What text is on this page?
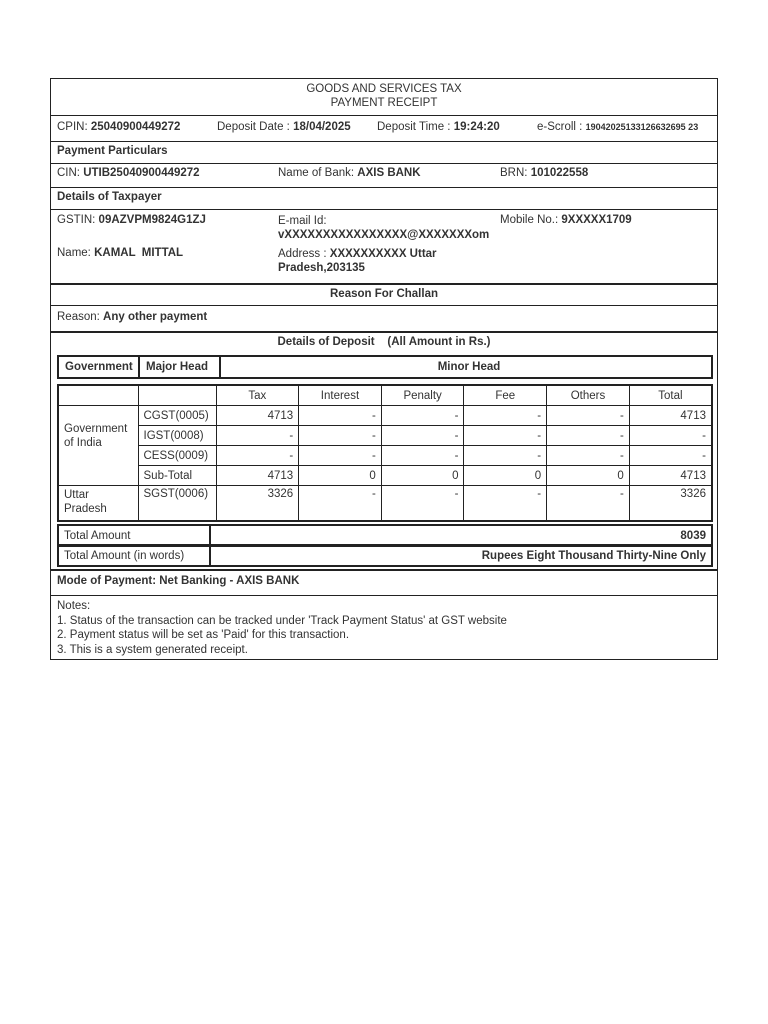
GOODS AND SERVICES TAX
PAYMENT RECEIPT
CPIN: 25040900449272	Deposit Date : 18/04/2025 Deposit Time : 19:24:20	e-Scroll : 19042025133126632695 23
Payment Particulars
CIN: UTIB25040900449272	Name of Bank: AXIS BANK	BRN: 101022558
Details of Taxpayer
GSTIN: 09AZVPM9824G1ZJ	E-mail Id:
vXXXXXXXXXXXXXXXX@XXXXXXXom
Mobile No.: 9XXXXX1709
Name: KAMAL  MITTAL	Address : XXXXXXXXXX Uttar
Pradesh,203135
Reason For Challan
Reason: Any other payment
Details of Deposit (All Amount in Rs.)
Government	Major Head	Minor Head
		Tax	Interest	Penalty	Fee	Others	Total
Government of India	CGST(0005)	4713	-	-	-	-	4713
	IGST(0008)	-	-	-	-	-	-
	CESS(0009)	-	-	-	-	-	-
	Sub-Total	4713	0	0	0	0	4713
Uttar Pradesh	SGST(0006)	3326	-	-	-	-	3326
Total Amount	8039
Total Amount (in words)	Rupees Eight Thousand Thirty-Nine Only
Mode of Payment: Net Banking - AXIS BANK
Notes:
1. Status of the transaction can be tracked under 'Track Payment Status' at GST website
2. Payment status will be set as 'Paid' for this transaction.
3. This is a system generated receipt.
